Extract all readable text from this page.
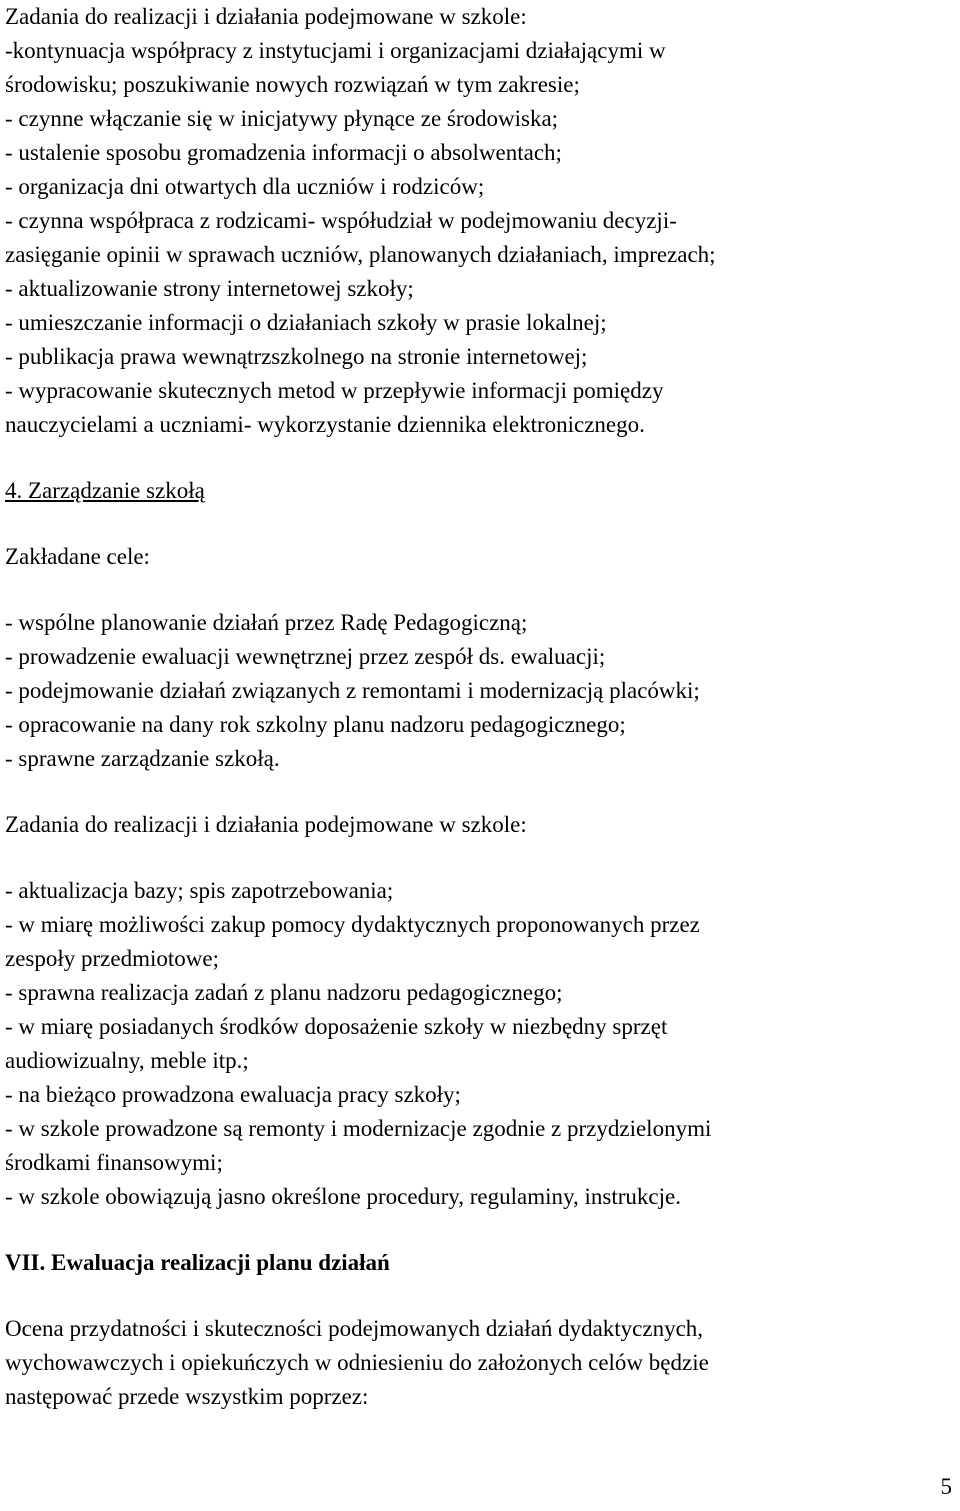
Zadania do realizacji i działania podejmowane w szkole:
-kontynuacja współpracy z instytucjami i organizacjami działającymi w
środowisku; poszukiwanie nowych rozwiązań w tym zakresie;
- czynne włączanie się w inicjatywy płynące ze środowiska;
- ustalenie sposobu gromadzenia informacji o absolwentach;
- organizacja dni otwartych dla uczniów i rodziców;
- czynna współpraca z rodzicami- współudział w podejmowaniu decyzji-
zasięganie opinii w sprawach uczniów, planowanych działaniach, imprezach;
- aktualizowanie strony internetowej szkoły;
- umieszczanie informacji o działaniach szkoły w prasie lokalnej;
- publikacja prawa wewnątrzszkolnego na stronie internetowej;
- wypracowanie skutecznych metod w przepływie informacji pomiędzy
nauczycielami a uczniami- wykorzystanie dziennika elektronicznego.
4. Zarządzanie szkołą
Zakładane cele:
- wspólne planowanie działań przez Radę Pedagogiczną;
- prowadzenie ewaluacji wewnętrznej przez zespół ds. ewaluacji;
- podejmowanie działań związanych z remontami i modernizacją placówki;
- opracowanie na dany rok szkolny planu nadzoru pedagogicznego;
- sprawne zarządzanie szkołą.
Zadania do realizacji i działania podejmowane w szkole:
- aktualizacja bazy; spis zapotrzebowania;
- w miarę możliwości zakup pomocy dydaktycznych proponowanych przez
zespoły przedmiotowe;
- sprawna realizacja zadań z planu nadzoru pedagogicznego;
- w miarę posiadanych środków doposażenie szkoły w niezbędny sprzęt
audiowizualny, meble itp.;
- na bieżąco prowadzona ewaluacja pracy szkoły;
- w szkole prowadzone są remonty i modernizacje zgodnie z przydzielonymi
środkami finansowymi;
- w szkole obowiązują jasno określone procedury, regulaminy, instrukcje.
VII. Ewaluacja realizacji planu działań
Ocena przydatności i skuteczności podejmowanych działań dydaktycznych,
wychowawczych i opiekuńczych w odniesieniu do założonych celów będzie
następować przede wszystkim poprzez:
5
